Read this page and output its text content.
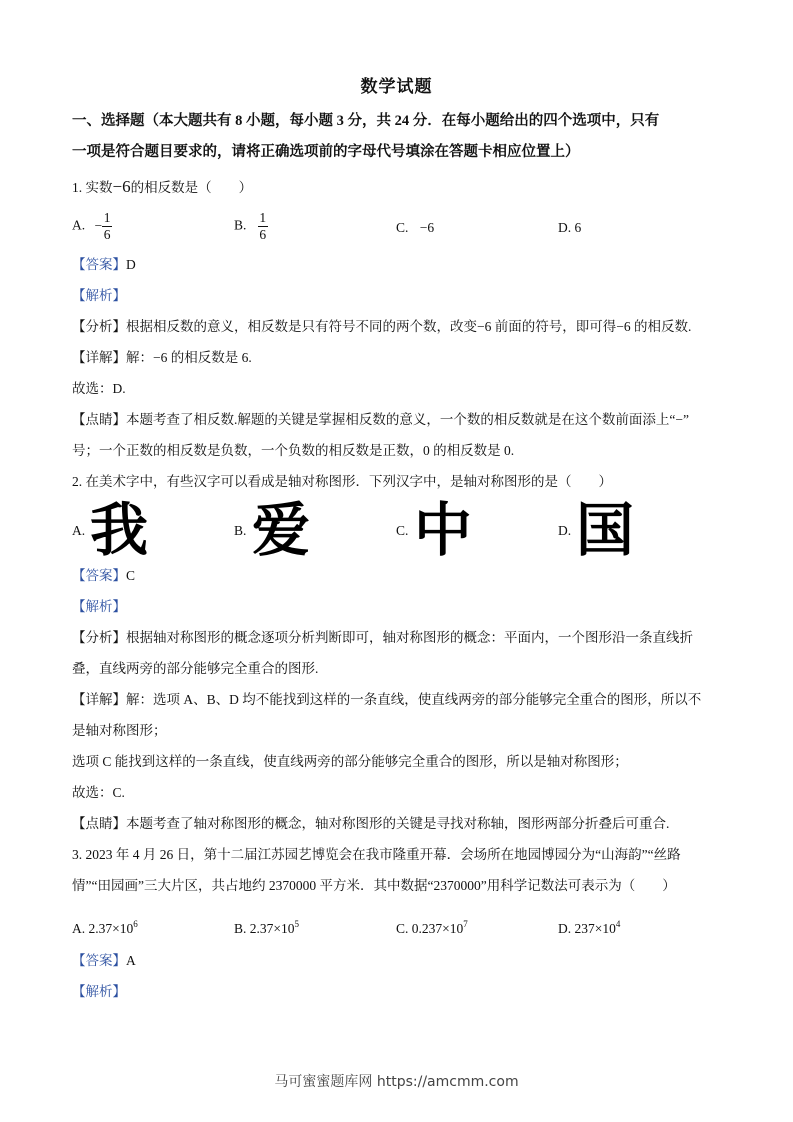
数学试题
一、选择题（本大题共有 8 小题，每小题 3 分，共 24 分．在每小题给出的四个选项中，只有
一项是符合题目要求的，请将正确选项前的字母代号填涂在答题卡相应位置上）
1. 实数−6的相反数是（　　）
A. − $\frac{1}{6}$	B. $\frac{1}{6}$	C. −6	D. 6
【答案】D
【解析】
【分析】根据相反数的意义，相反数是只有符号不同的两个数，改变−6 前面的符号，即可得−6 的相反数.
【详解】解：−6 的相反数是 6.
故选：D.
【点睛】本题考查了相反数.解题的关键是掌握相反数的意义，一个数的相反数就是在这个数前面添上“−”
号；一个正数的相反数是负数，一个负数的相反数是正数，0 的相反数是 0.
2. 在美术字中，有些汉字可以看成是轴对称图形．下列汉字中，是轴对称图形的是（　　）
A. 我	B. 爱	C. 中	D. 国
【答案】C
【解析】
【分析】根据轴对称图形的概念逐项分析判断即可，轴对称图形的概念：平面内，一个图形沿一条直线折
叠，直线两旁的部分能够完全重合的图形.
【详解】解：选项 A、B、D 均不能找到这样的一条直线，使直线两旁的部分能够完全重合的图形，所以不
是轴对称图形；
选项 C 能找到这样的一条直线，使直线两旁的部分能够完全重合的图形，所以是轴对称图形；
故选：C.
【点睛】本题考查了轴对称图形的概念，轴对称图形的关键是寻找对称轴，图形两部分折叠后可重合.
3. 2023 年 4 月 26 日，第十二届江苏园艺博览会在我市隆重开幕．会场所在地园博园分为“山海韵”“丝路
情”“田园画”三大片区，共占地约 2370000 平方米．其中数据“2370000”用科学记数法可表示为（　　）
A. $2.37\times 10^6$	B. $2.37\times 10^5$	C. $0.237\times 10^7$	D. $237\times 10^4$
【答案】A
【解析】
马可蜜蜜题库网 https://amcmm.com
